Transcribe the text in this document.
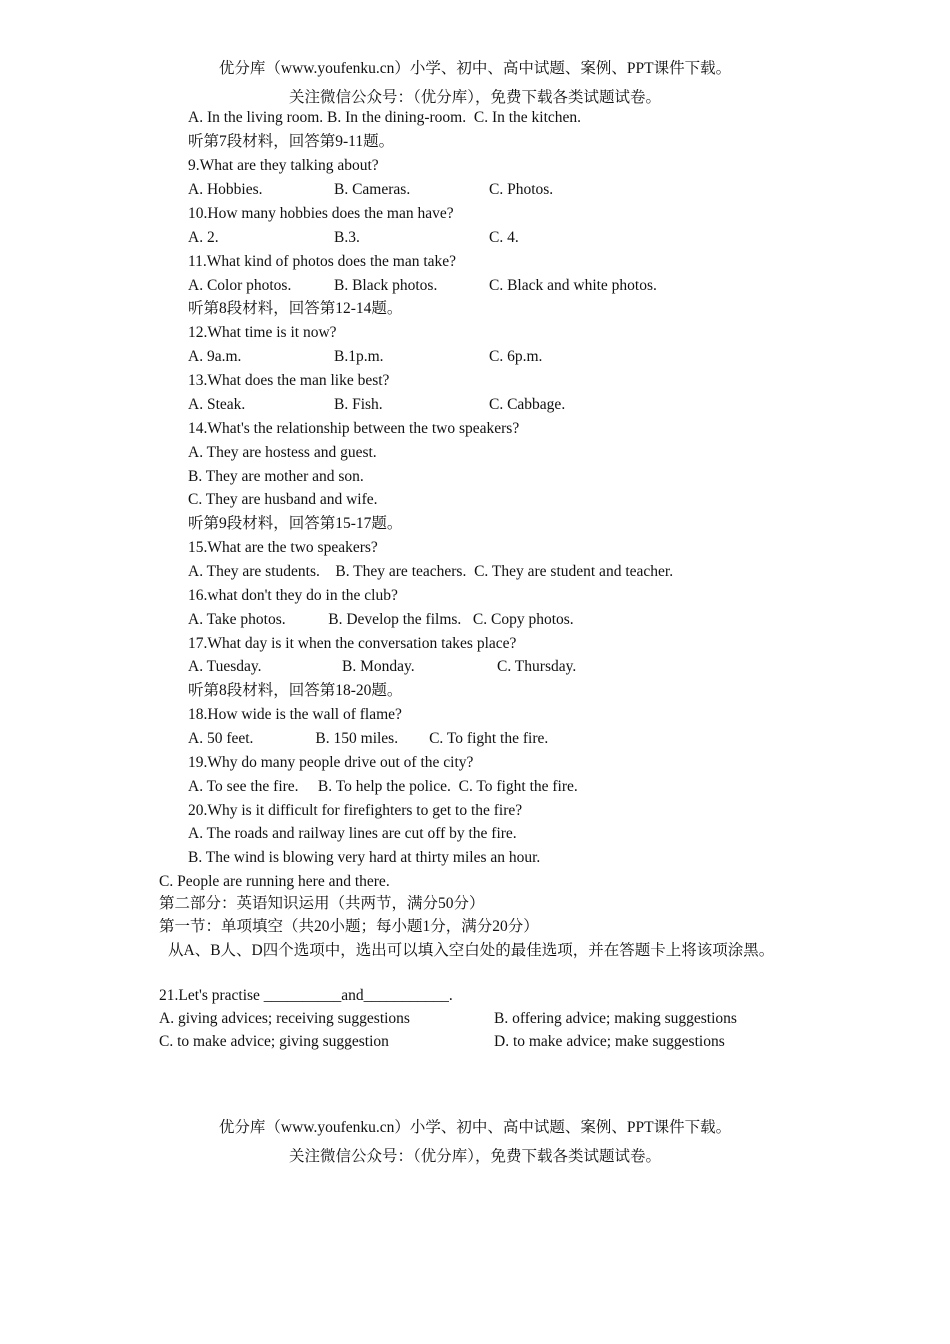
优分库（www.youfenku.cn）小学、初中、高中试题、案例、PPT课件下载。
关注微信公众号：（优分库），免费下载各类试题试卷。
A. In the living room. B. In the dining-room.  C. In the kitchen.
听第7段材料，回答第9-11题。
9.What are they talking about?
A. Hobbies.	B. Cameras.	C. Photos.
10.How many hobbies does the man have?
A. 2.	B.3.	C. 4.
11.What kind of photos does the man take?
A. Color photos.	B. Black photos.	C. Black and white photos.
听第8段材料，回答第12-14题。
12.What time is it now?
A. 9a.m.	B.1p.m.	C. 6p.m.
13.What does the man like best?
A. Steak.	B. Fish.	C. Cabbage.
14.What's the relationship between the two speakers?
A. They are hostess and guest.
B. They are mother and son.
C. They are husband and wife.
听第9段材料，回答第15-17题。
15.What are the two speakers?
A. They are students.    B. They are teachers.  C. They are student and teacher.
16.what don't they do in the club?
A. Take photos.           B. Develop the films.   C. Copy photos.
17.What day is it when the conversation takes place?
A. Tuesday.	B. Monday.	C. Thursday.
听第8段材料，回答第18-20题。
18.How wide is the wall of flame?
A. 50 feet.                B. 150 miles.        C. To fight the fire.
19.Why do many people drive out of the city?
A. To see the fire.     B. To help the police.  C. To fight the fire.
20.Why is it difficult for firefighters to get to the fire?
A. The roads and railway lines are cut off by the fire.
B. The wind is blowing very hard at thirty miles an hour.
C. People are running here and there.
第二部分：英语知识运用（共两节，满分50分）
第一节：单项填空（共20小题；每小题1分，满分20分）
从A、B人、D四个选项中，选出可以填入空白处的最佳选项，并在答题卡上将该项涂黑。
21.Let's practise __________and___________.
A. giving advices; receiving suggestions	B. offering advice; making suggestions
C. to make advice; giving suggestion	D. to make advice; make suggestions
优分库（www.youfenku.cn）小学、初中、高中试题、案例、PPT课件下载。
关注微信公众号：（优分库），免费下载各类试题试卷。
